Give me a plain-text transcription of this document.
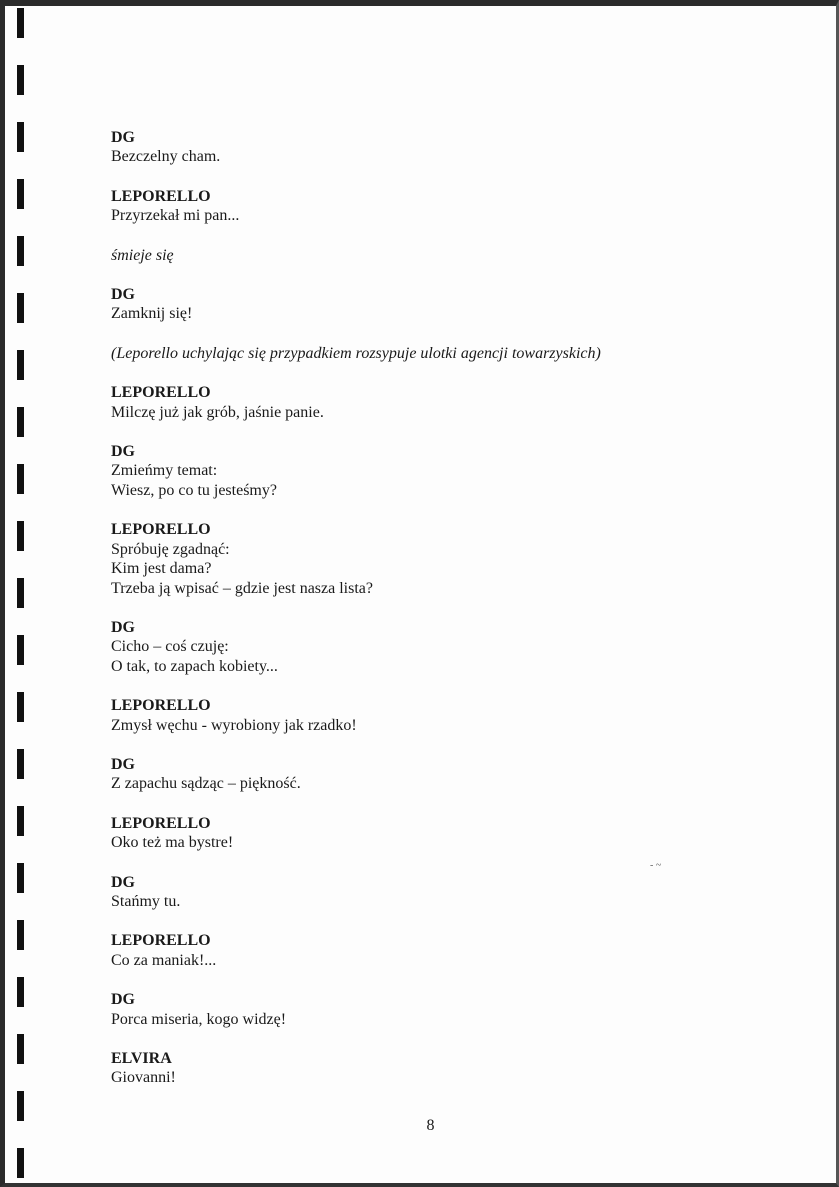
- ~
DG
Bezczelny cham.
LEPORELLO
Przyrzekał mi pan...
śmieje się
DG
Zamknij się!
(Leporello uchylając się przypadkiem rozsypuje ulotki agencji towarzyskich)
LEPORELLO
Milczę już jak grób, jaśnie panie.
DG
Zmieńmy temat:
Wiesz, po co tu jesteśmy?
LEPORELLO
Spróbuję zgadnąć:
Kim jest dama?
Trzeba ją wpisać – gdzie jest nasza lista?
DG
Cicho – coś czuję:
O tak, to zapach kobiety...
LEPORELLO
Zmysł węchu - wyrobiony jak rzadko!
DG
Z zapachu sądząc – piękność.
LEPORELLO
Oko też ma bystre!
DG
Stańmy tu.
LEPORELLO
Co za maniak!...
DG
Porca miseria, kogo widzę!
ELVIRA
Giovanni!
8
